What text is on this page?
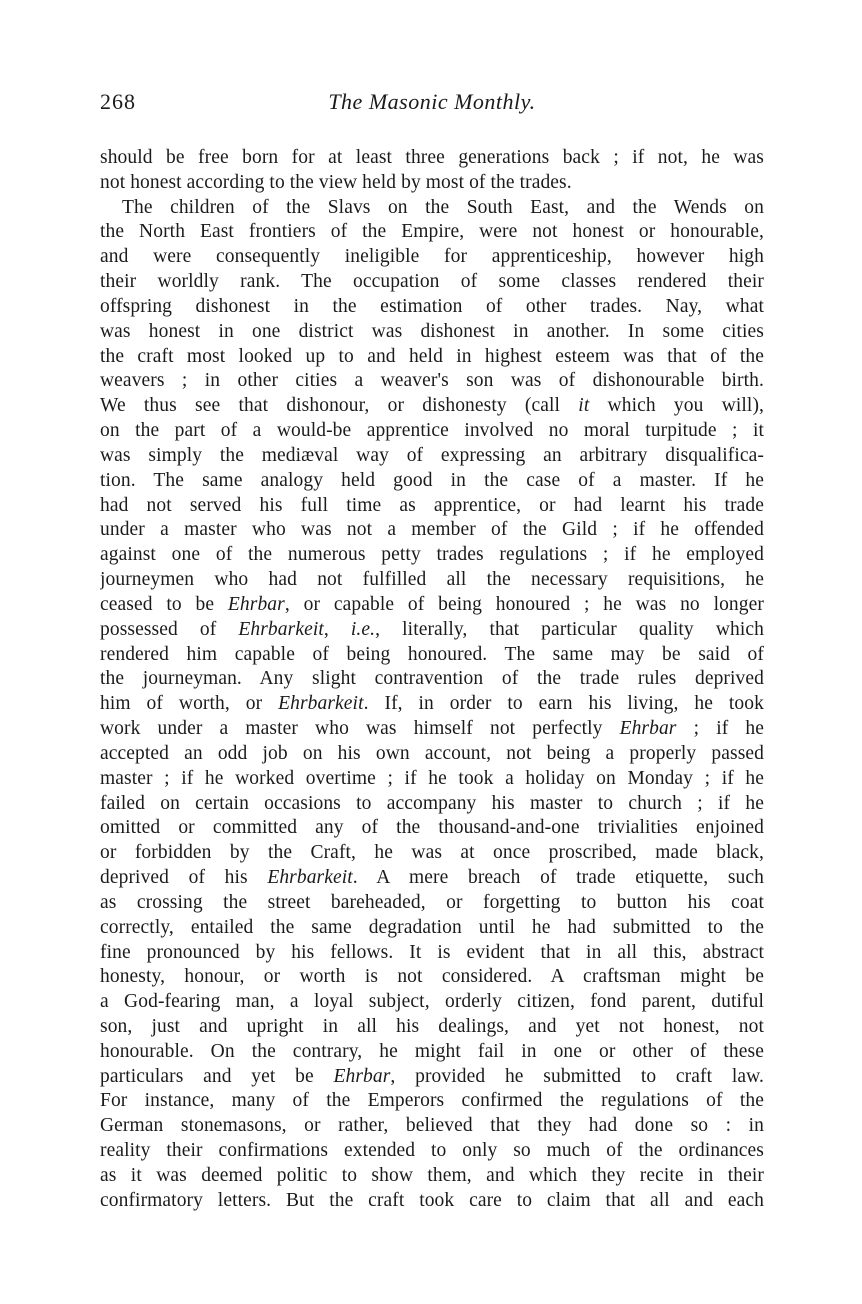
268	The Masonic Monthly.
should be free born for at least three generations back ; if not, he was
not honest according to the view held by most of the trades.
The children of the Slavs on the South East, and the Wends on
the North East frontiers of the Empire, were not honest or honourable,
and were consequently ineligible for apprenticeship, however high
their worldly rank. The occupation of some classes rendered their
offspring dishonest in the estimation of other trades. Nay, what
was honest in one district was dishonest in another. In some cities
the craft most looked up to and held in highest esteem was that of the
weavers ; in other cities a weaver's son was of dishonourable birth.
We thus see that dishonour, or dishonesty (call it which you will),
on the part of a would-be apprentice involved no moral turpitude ; it
was simply the mediæval way of expressing an arbitrary disqualifica-
tion. The same analogy held good in the case of a master. If he
had not served his full time as apprentice, or had learnt his trade
under a master who was not a member of the Gild ; if he offended
against one of the numerous petty trades regulations ; if he employed
journeymen who had not fulfilled all the necessary requisitions, he
ceased to be Ehrbar, or capable of being honoured ; he was no longer
possessed of Ehrbarkeit, i.e., literally, that particular quality which
rendered him capable of being honoured. The same may be said of
the journeyman. Any slight contravention of the trade rules deprived
him of worth, or Ehrbarkeit. If, in order to earn his living, he took
work under a master who was himself not perfectly Ehrbar ; if he
accepted an odd job on his own account, not being a properly passed
master ; if he worked overtime ; if he took a holiday on Monday ; if he
failed on certain occasions to accompany his master to church ; if he
omitted or committed any of the thousand-and-one trivialities enjoined
or forbidden by the Craft, he was at once proscribed, made black,
deprived of his Ehrbarkeit. A mere breach of trade etiquette, such
as crossing the street bareheaded, or forgetting to button his coat
correctly, entailed the same degradation until he had submitted to the
fine pronounced by his fellows. It is evident that in all this, abstract
honesty, honour, or worth is not considered. A craftsman might be
a God-fearing man, a loyal subject, orderly citizen, fond parent, dutiful
son, just and upright in all his dealings, and yet not honest, not
honourable. On the contrary, he might fail in one or other of these
particulars and yet be Ehrbar, provided he submitted to craft law.
For instance, many of the Emperors confirmed the regulations of the
German stonemasons, or rather, believed that they had done so : in
reality their confirmations extended to only so much of the ordinances
as it was deemed politic to show them, and which they recite in their
confirmatory letters. But the craft took care to claim that all and each
